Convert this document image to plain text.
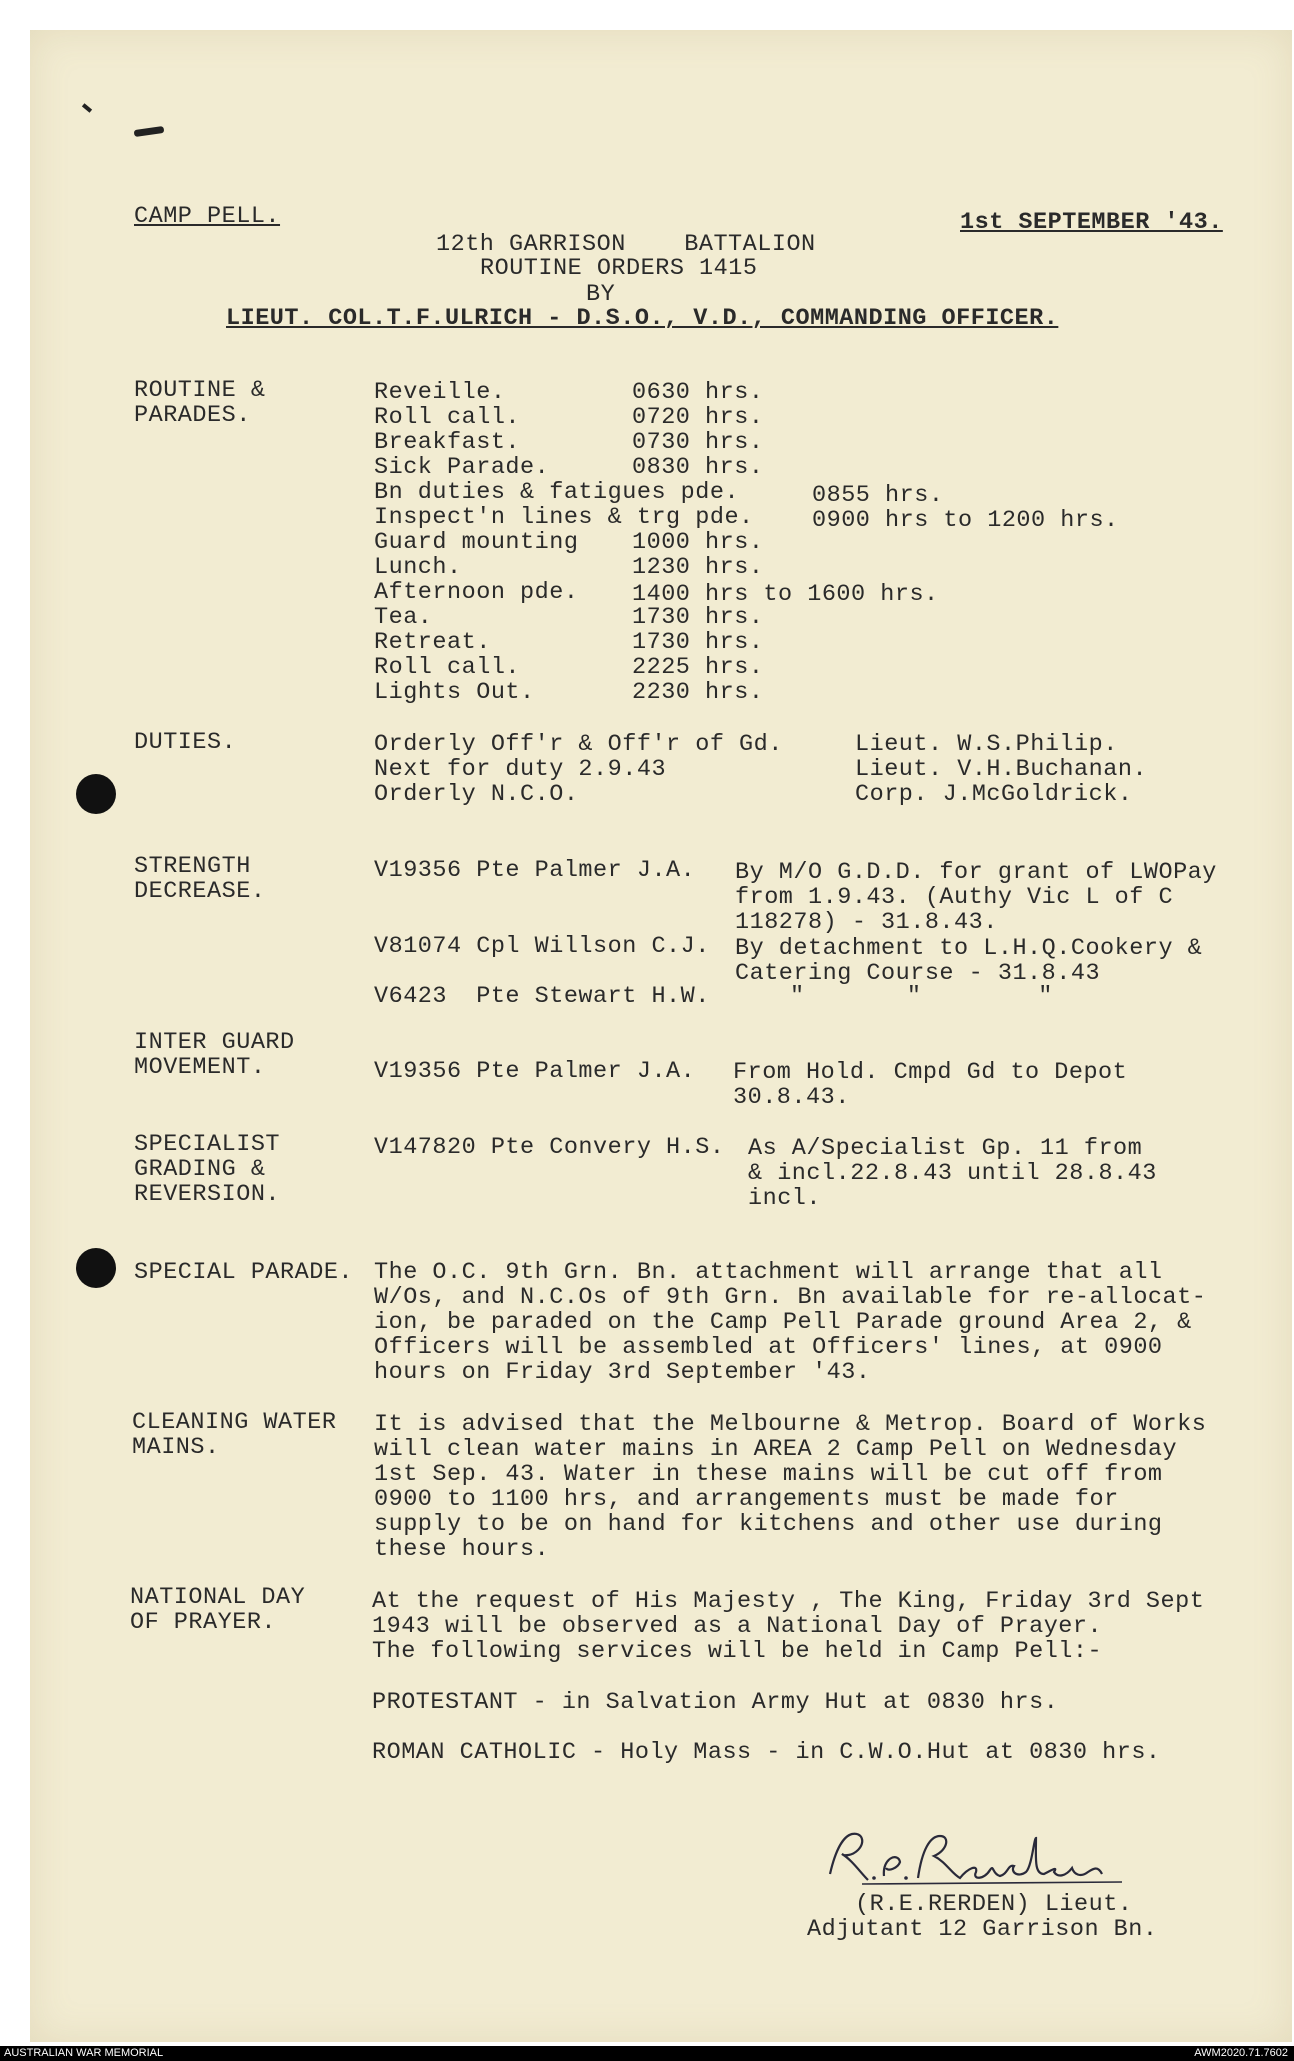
CAMP PELL.	1st SEPTEMBER '43.
12th GARRISON    BATTALION
ROUTINE ORDERS 1415
BY
LIEUT. COL.T.F.ULRICH - D.S.O., V.D., COMMANDING OFFICER.
ROUTINE &
PARADES.
Reveille.	0630 hrs.
Roll call.	0720 hrs.
Breakfast.	0730 hrs.
Sick Parade.	0830 hrs.
Bn duties & fatigues pde.	0855 hrs.
Inspect'n lines & trg pde. 0900 hrs to 1200 hrs.
Guard mounting 1000 hrs.
Lunch.	1230 hrs.
Afternoon pde. 1400 hrs to 1600 hrs.
Tea.	1730 hrs.
Retreat.	1730 hrs.
Roll call.	2225 hrs.
Lights Out.	2230 hrs.
DUTIES.	Orderly Off'r & Off'r of Gd.	Lieut. W.S.Philip.
Next for duty 2.9.43	Lieut. V.H.Buchanan.
Orderly N.C.O.	Corp. J.McGoldrick.
STRENGTH
DECREASE.
V19356 Pte Palmer J.A. By M/O G.D.D. for grant of LWOPay
from 1.9.43. (Authy Vic L of C
118278) - 31.8.43.
V81074 Cpl Willson C.J. By detachment to L.H.Q.Cookery &
Catering Course - 31.8.43
V6423  Pte Stewart H.W.	"       "        "
INTER GUARD
MOVEMENT.	V19356 Pte Palmer J.A. From Hold. Cmpd Gd to Depot
30.8.43.
SPECIALIST
GRADING &
REVERSION.
V147820 Pte Convery H.S. As A/Specialist Gp. 11 from
& incl.22.8.43 until 28.8.43
incl.
SPECIAL PARADE. The O.C. 9th Grn. Bn. attachment will arrange that all
W/Os, and N.C.Os of 9th Grn. Bn available for re-allocat-
ion, be paraded on the Camp Pell Parade ground Area 2, &
Officers will be assembled at Officers' lines, at 0900
hours on Friday 3rd September '43.
CLEANING WATER
MAINS.
It is advised that the Melbourne & Metrop. Board of Works
will clean water mains in AREA 2 Camp Pell on Wednesday
1st Sep. 43. Water in these mains will be cut off from
0900 to 1100 hrs, and arrangements must be made for
supply to be on hand for kitchens and other use during
these hours.
NATIONAL DAY
OF PRAYER.
At the request of His Majesty , The King, Friday 3rd Sept
1943 will be observed as a National Day of Prayer.
The following services will be held in Camp Pell:-
PROTESTANT - in Salvation Army Hut at 0830 hrs.
ROMAN CATHOLIC - Holy Mass - in C.W.O.Hut at 0830 hrs.
(R.E.RERDEN) Lieut.
Adjutant 12 Garrison Bn.
AUSTRALIAN WAR MEMORIAL	AWM2020.71.7602
